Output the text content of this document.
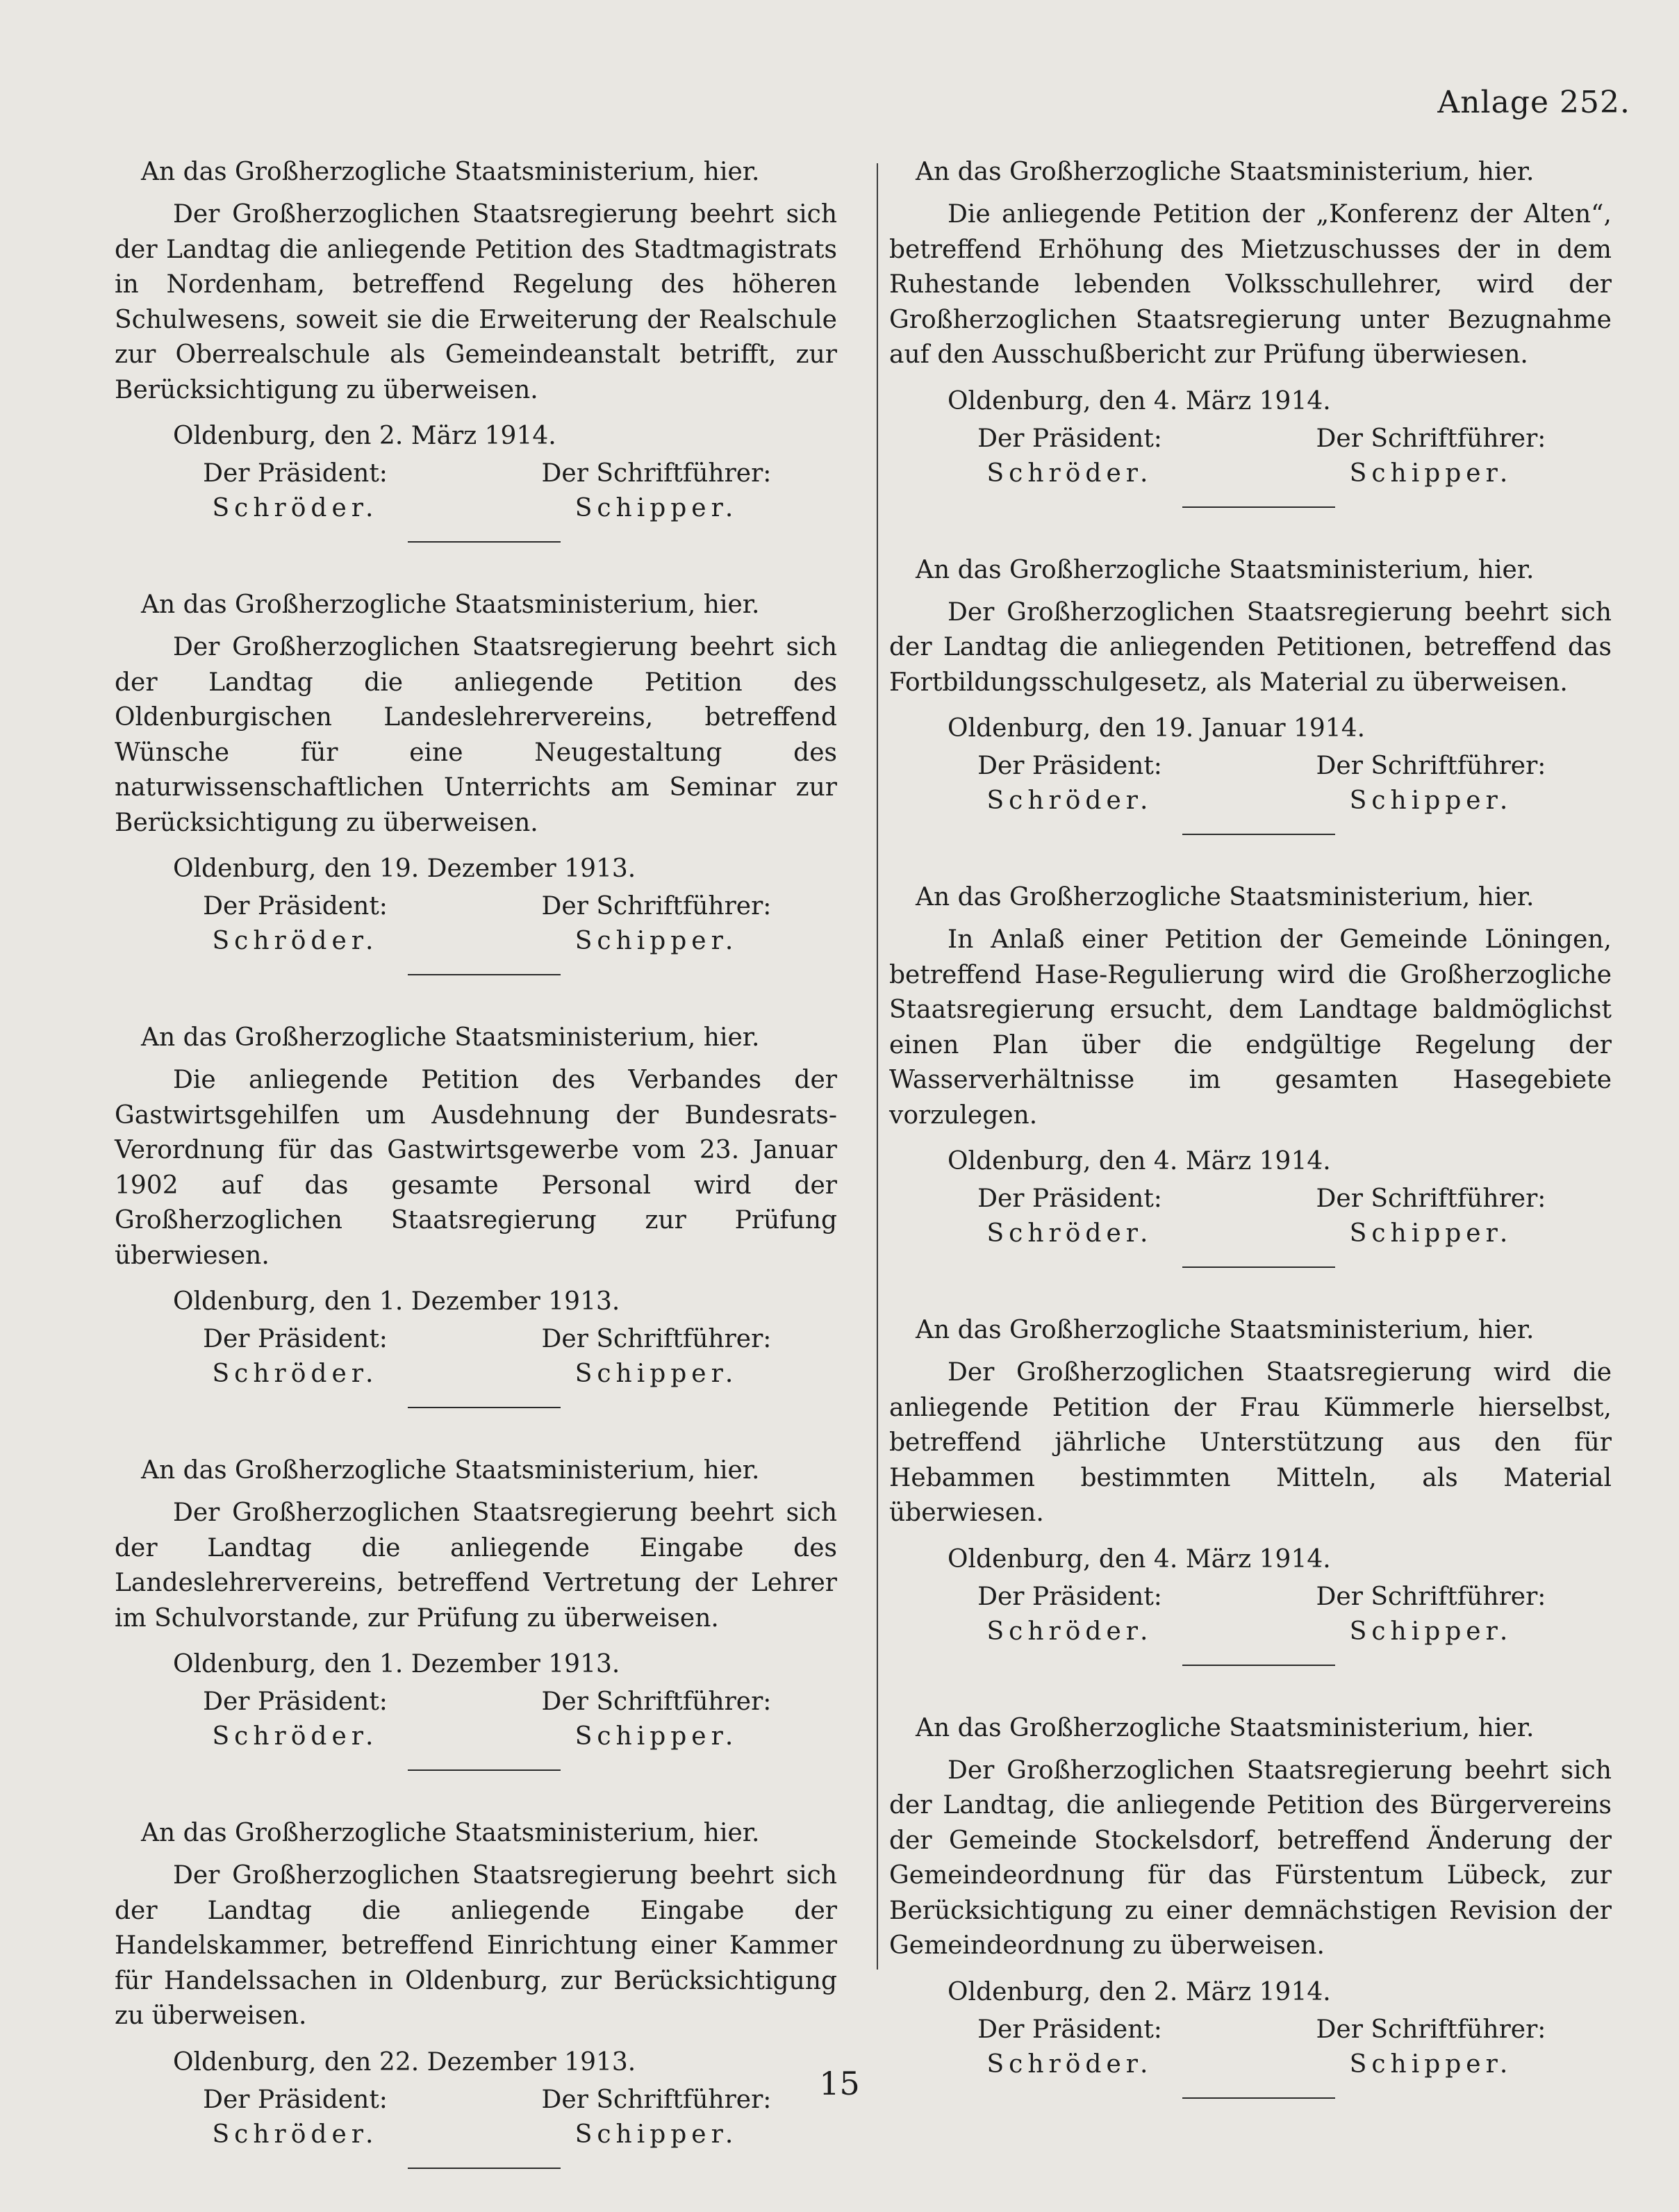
Anlage 252.

An das Großherzogliche Staatsministerium, hier.

Der Großherzoglichen Staatsregierung beehrt sich der Landtag die anliegende Petition des Stadtmagistrats in Nordenham, betreffend Regelung des höheren Schulwesens, soweit sie die Erweiterung der Realschule zur Oberrealschule als Gemeindeanstalt betrifft, zur Berücksichtigung zu überweisen.

Oldenburg, den 2. März 1914.

Der Präsident:
Schröder.
Der Schriftführer:
Schipper.

An das Großherzogliche Staatsministerium, hier.

Der Großherzoglichen Staatsregierung beehrt sich der Landtag die anliegende Petition des Oldenburgischen Landeslehrervereins, betreffend Wünsche für eine Neugestaltung des naturwissenschaftlichen Unterrichts am Seminar zur Berücksichtigung zu überweisen.

Oldenburg, den 19. Dezember 1913.

Der Präsident:
Schröder.
Der Schriftführer:
Schipper.

An das Großherzogliche Staatsministerium, hier.

Die anliegende Petition des Verbandes der Gastwirtsgehilfen um Ausdehnung der Bundesrats-Verordnung für das Gastwirtsgewerbe vom 23. Januar 1902 auf das gesamte Personal wird der Großherzoglichen Staatsregierung zur Prüfung überwiesen.

Oldenburg, den 1. Dezember 1913.

Der Präsident:
Schröder.
Der Schriftführer:
Schipper.

An das Großherzogliche Staatsministerium, hier.

Der Großherzoglichen Staatsregierung beehrt sich der Landtag die anliegende Eingabe des Landeslehrervereins, betreffend Vertretung der Lehrer im Schulvorstande, zur Prüfung zu überweisen.

Oldenburg, den 1. Dezember 1913.

Der Präsident:
Schröder.
Der Schriftführer:
Schipper.

An das Großherzogliche Staatsministerium, hier.

Der Großherzoglichen Staatsregierung beehrt sich der Landtag die anliegende Eingabe der Handelskammer, betreffend Einrichtung einer Kammer für Handelssachen in Oldenburg, zur Berücksichtigung zu überweisen.

Oldenburg, den 22. Dezember 1913.

Der Präsident:
Schröder.
Der Schriftführer:
Schipper.

An das Großherzogliche Staatsministerium, hier.

Die anliegende Petition der „Konferenz der Alten“, betreffend Erhöhung des Mietzuschusses der in dem Ruhestande lebenden Volksschullehrer, wird der Großherzoglichen Staatsregierung unter Bezugnahme auf den Ausschußbericht zur Prüfung überwiesen.

Oldenburg, den 4. März 1914.

Der Präsident:
Schröder.
Der Schriftführer:
Schipper.

An das Großherzogliche Staatsministerium, hier.

Der Großherzoglichen Staatsregierung beehrt sich der Landtag die anliegenden Petitionen, betreffend das Fortbildungsschulgesetz, als Material zu überweisen.

Oldenburg, den 19. Januar 1914.

Der Präsident:
Schröder.
Der Schriftführer:
Schipper.

An das Großherzogliche Staatsministerium, hier.

In Anlaß einer Petition der Gemeinde Löningen, betreffend Hase-Regulierung wird die Großherzogliche Staatsregierung ersucht, dem Landtage baldmöglichst einen Plan über die endgültige Regelung der Wasserverhältnisse im gesamten Hasegebiete vorzulegen.

Oldenburg, den 4. März 1914.

Der Präsident:
Schröder.
Der Schriftführer:
Schipper.

An das Großherzogliche Staatsministerium, hier.

Der Großherzoglichen Staatsregierung wird die anliegende Petition der Frau Kümmerle hierselbst, betreffend jährliche Unterstützung aus den für Hebammen bestimmten Mitteln, als Material überwiesen.

Oldenburg, den 4. März 1914.

Der Präsident:
Schröder.
Der Schriftführer:
Schipper.

An das Großherzogliche Staatsministerium, hier.

Der Großherzoglichen Staatsregierung beehrt sich der Landtag, die anliegende Petition des Bürgervereins der Gemeinde Stockelsdorf, betreffend Änderung der Gemeindeordnung für das Fürstentum Lübeck, zur Berücksichtigung zu einer demnächstigen Revision der Gemeindeordnung zu überweisen.

Oldenburg, den 2. März 1914.

Der Präsident:
Schröder.
Der Schriftführer:
Schipper.
15
